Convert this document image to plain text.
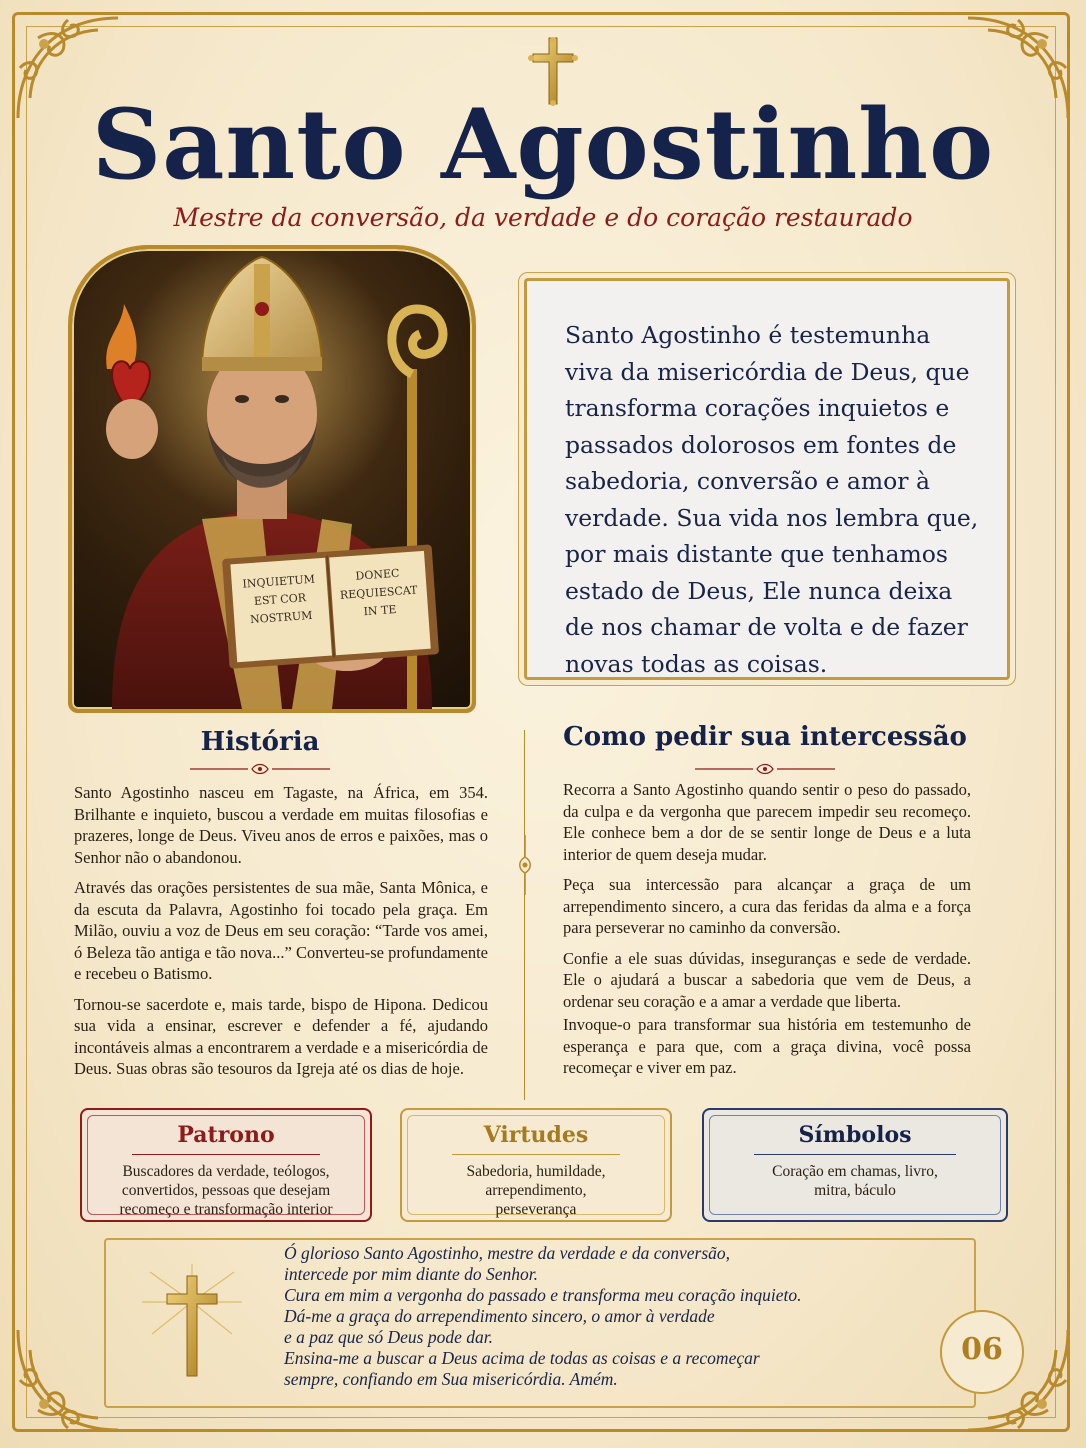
Santo Agostinho
Mestre da conversão, da verdade e do coração restaurado
INQUIETUM
EST COR
NOSTRUM
DONEC
REQUIESCAT
IN TE
Santo Agostinho é testemunha viva da misericórdia de Deus, que transforma corações inquietos e passados dolorosos em fontes de sabedoria, conversão e amor à verdade. Sua vida nos lembra que, por mais distante que tenhamos estado de Deus, Ele nunca deixa de nos chamar de volta e de fazer novas todas as coisas.
História

Santo Agostinho nasceu em Tagaste, na África, em 354. Brilhante e inquieto, buscou a verdade em muitas filosofias e prazeres, longe de Deus. Viveu anos de erros e paixões, mas o Senhor não o abandonou.

Através das orações persistentes de sua mãe, Santa Mônica, e da escuta da Palavra, Agostinho foi tocado pela graça. Em Milão, ouviu a voz de Deus em seu coração: “Tarde vos amei, ó Beleza tão antiga e tão nova...” Converteu-se profundamente e recebeu o Batismo.

Tornou-se sacerdote e, mais tarde, bispo de Hipona. Dedicou sua vida a ensinar, escrever e defender a fé, ajudando incontáveis almas a encontrarem a verdade e a misericórdia de Deus. Suas obras são tesouros da Igreja até os dias de hoje.

Como pedir sua intercessão

Recorra a Santo Agostinho quando sentir o peso do passado, da culpa e da vergonha que parecem impedir seu recomeço. Ele conhece bem a dor de se sentir longe de Deus e a luta interior de quem deseja mudar.

Peça sua intercessão para alcançar a graça de um arrependimento sincero, a cura das feridas da alma e a força para perseverar no caminho da conversão.

Confie a ele suas dúvidas, inseguranças e sede de verdade. Ele o ajudará a buscar a sabedoria que vem de Deus, a ordenar seu coração e a amar a verdade que liberta.

Invoque-o para transformar sua história em testemunho de esperança e para que, com a graça divina, você possa recomeçar e viver em paz.

Patrono
Buscadores da verdade, teólogos, convertidos, pessoas que desejam recomeço e transformação interior
Virtudes
Sabedoria, humildade, arrependimento, perseverança
Símbolos
Coração em chamas, livro, mitra, báculo
Ó glorioso Santo Agostinho, mestre da verdade e da conversão,
intercede por mim diante do Senhor.
Cura em mim a vergonha do passado e transforma meu coração inquieto.
Dá-me a graça do arrependimento sincero, o amor à verdade
e a paz que só Deus pode dar.
Ensina-me a buscar a Deus acima de todas as coisas e a recomeçar
sempre, confiando em Sua misericórdia. Amém.
06
